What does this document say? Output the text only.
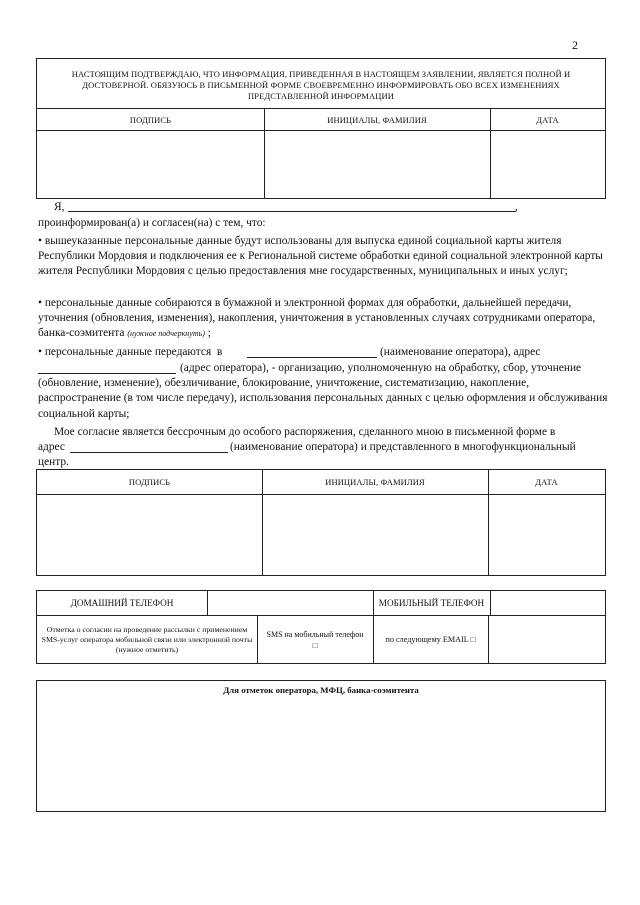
2
НАСТОЯЩИМ ПОДТВЕРЖДАЮ, ЧТО ИНФОРМАЦИЯ, ПРИВЕДЕННАЯ В НАСТОЯЩЕМ ЗАЯВЛЕНИИ, ЯВЛЯЕТСЯ ПОЛНОЙ И ДОСТОВЕРНОЙ. ОБЯЗУЮСЬ В ПИСЬМЕННОЙ ФОРМЕ СВОЕВРЕМЕННО ИНФОРМИРОВАТЬ ОБО ВСЕХ ИЗМЕНЕНИЯХ ПРЕДСТАВЛЕННОЙ ИНФОРМАЦИИ
ПОДПИСЬ	ИНИЦИАЛЫ, ФАМИЛИЯ	ДАТА
Я,	,
проинформирован(а) и согласен(на) с тем, что:
• вышеуказанные персональные данные будут использованы для выпуска единой социальной карты жителя Республики Мордовия и подключения ее к Региональной системе обработки единой социальной электронной карты жителя Республики Мордовия с целью предоставления мне государственных, муниципальных и иных услуг;
• персональные данные собираются в бумажной и электронной формах для обработки, дальнейшей передачи, уточнения (обновления, изменения), накопления, уничтожения в установленных случаях сотрудниками оператора, банка-соэмитента (нужное подчеркнуть) ;
• персональные данные передаются в	(наименование оператора), адрес
(адрес оператора), - организацию, уполномоченную на обработку, сбор, уточнение (обновление, изменение), обезличивание, блокирование, уничтожение, систематизацию, накопление, распространение (в том числе передачу), использования персональных данных с целью оформления и обслуживания социальной карты;
Мое согласие является бессрочным до особого распоряжения, сделанного мною в письменной форме в
адрес	(наименование оператора) и представленного в многофункциональный центр.
ПОДПИСЬ	ИНИЦИАЛЫ, ФАМИЛИЯ	ДАТА
ДОМАШНИЙ ТЕЛЕФОН	МОБИЛЬНЫЙ ТЕЛЕФОН
Отметка о согласии на проведение рассылки с применением SMS-услуг оператора мобильной связи или электронной почты (нужное отметить)
SMS на мобильный телефон □
по следующему EMAIL □
Для отметок оператора, МФЦ, банка-соэмитента
